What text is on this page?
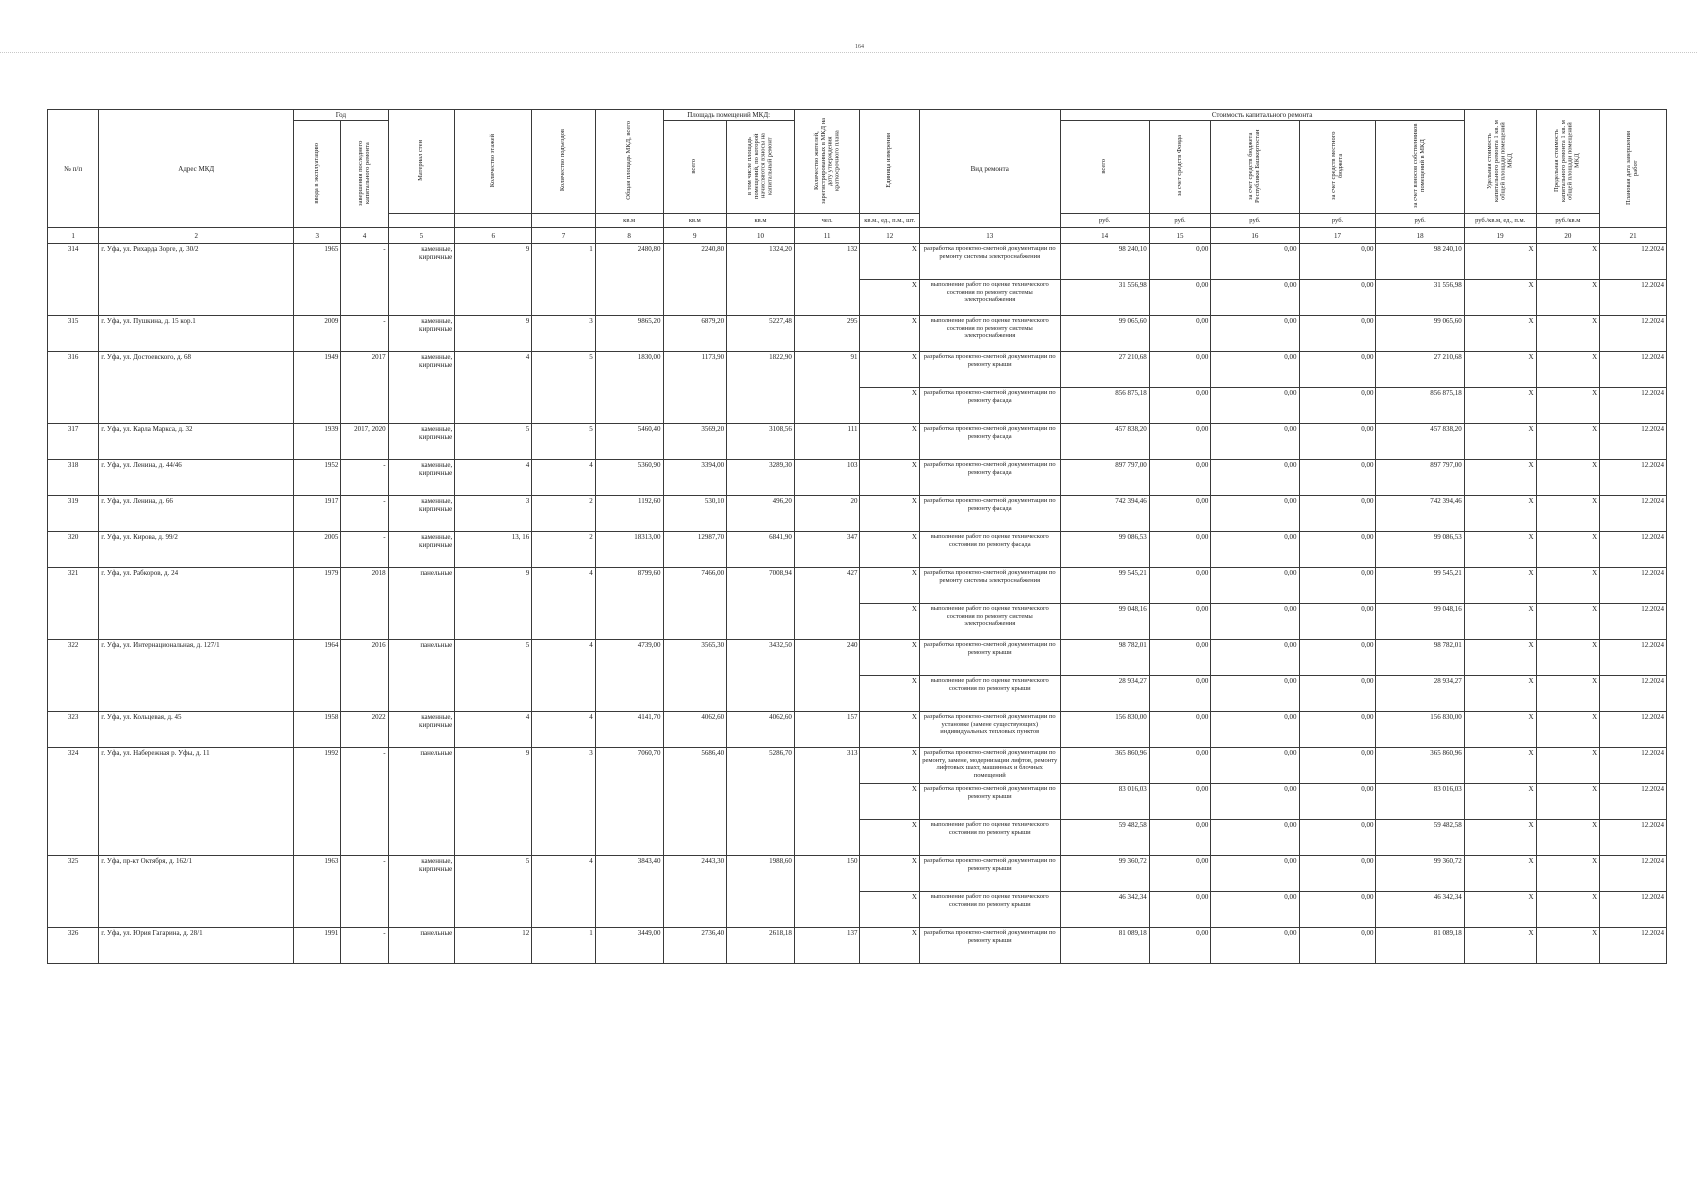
164
№ п/п	Адрес МКД	Год		Материал стен	Количество этажей	Количество подъездов	Общая площадь МКД, всего	Площадь помещений МКД:		Количество жителей, зарегистрированных в МКД на дату утверждения краткосрочного плана	Единица измерения	Вид ремонта	Стоимость капитального ремонта					Удельная стоимость капитального ремонта 1 кв. м общей площади помещений МКД	Предельная стоимость капитального ремонта 1 кв. м общей площади помещений МКД	Плановая дата завершения работ
		ввода в эксплуатацию	завершения последнего капитального ремонта					всего	в том числе площадь помещений, по которой начисляются взносы на капитальный ремонт				всего	за счет средств Фонда	за счет средств бюджета Республики Башкортостан	за счет средств местного бюджета	за счет взносов собственников помещений в МКД			
							кв.м	кв.м	кв.м	чел.	кв.м., ед., п.м., шт.		руб.	руб.	руб.	руб.	руб.	руб./кв.м, ед., п.м.	руб./кв.м	
1	2	3	4	5	6	7	8	9	10	11	12	13	14	15	16	17	18	19	20	21
314	г. Уфа, ул. Рихарда Зорге, д. 30/2	1965	-	каменные, кирпичные	9	1	2480,80	2240,80	1324,20	132	X	разработка проектно-сметной документации по ремонту системы электроснабжения	98 240,10	0,00	0,00	0,00	98 240,10	X	X	12.2024
											X	выполнение работ по оценке технического состояния по ремонту системы электроснабжения	31 556,98	0,00	0,00	0,00	31 556,98	X	X	12.2024
315	г. Уфа, ул. Пушкина, д. 15 кор.1	2009	-	каменные, кирпичные	9	3	9865,20	6879,20	5227,48	295	X	выполнение работ по оценке технического состояния по ремонту системы электроснабжения	99 065,60	0,00	0,00	0,00	99 065,60	X	X	12.2024
316	г. Уфа, ул. Достоевского, д. 68	1949	2017	каменные, кирпичные	4	5	1830,00	1173,90	1822,90	91	X	разработка проектно-сметной документации по ремонту крыши	27 210,68	0,00	0,00	0,00	27 210,68	X	X	12.2024
											X	разработка проектно-сметной документации по ремонту фасада	856 875,18	0,00	0,00	0,00	856 875,18	X	X	12.2024
317	г. Уфа, ул. Карла Маркса, д. 32	1939	2017, 2020	каменные, кирпичные	5	5	5460,40	3569,20	3108,56	111	X	разработка проектно-сметной документации по ремонту фасада	457 838,20	0,00	0,00	0,00	457 838,20	X	X	12.2024
318	г. Уфа, ул. Ленина, д. 44/46	1952	-	каменные, кирпичные	4	4	5360,90	3394,00	3289,30	103	X	разработка проектно-сметной документации по ремонту фасада	897 797,00	0,00	0,00	0,00	897 797,00	X	X	12.2024
319	г. Уфа, ул. Ленина, д. 66	1917	-	каменные, кирпичные	3	2	1192,60	530,10	496,20	20	X	разработка проектно-сметной документации по ремонту фасада	742 394,46	0,00	0,00	0,00	742 394,46	X	X	12.2024
320	г. Уфа, ул. Кирова, д. 99/2	2005	-	каменные, кирпичные	13, 16	2	18313,00	12987,70	6841,90	347	X	выполнение работ по оценке технического состояния по ремонту фасада	99 086,53	0,00	0,00	0,00	99 086,53	X	X	12.2024
321	г. Уфа, ул. Рабкоров, д. 24	1979	2018	панельные	9	4	8799,60	7466,00	7008,94	427	X	разработка проектно-сметной документации по ремонту системы электроснабжения	99 545,21	0,00	0,00	0,00	99 545,21	X	X	12.2024
											X	выполнение работ по оценке технического состояния по ремонту системы электроснабжения	99 048,16	0,00	0,00	0,00	99 048,16	X	X	12.2024
322	г. Уфа, ул. Интернациональная, д. 127/1	1964	2016	панельные	5	4	4739,00	3565,30	3432,50	240	X	разработка проектно-сметной документации по ремонту крыши	98 782,01	0,00	0,00	0,00	98 782,01	X	X	12.2024
											X	выполнение работ по оценке технического состояния по ремонту крыши	28 934,27	0,00	0,00	0,00	28 934,27	X	X	12.2024
323	г. Уфа, ул. Кольцевая, д. 45	1958	2022	каменные, кирпичные	4	4	4141,70	4062,60	4062,60	157	X	разработка проектно-сметной документации по установке (замене существующих) индивидуальных тепловых пунктов	156 830,00	0,00	0,00	0,00	156 830,00	X	X	12.2024
324	г. Уфа, ул. Набережная р. Уфы, д. 11	1992	-	панельные	9	3	7060,70	5686,40	5286,70	313	X	разработка проектно-сметной документации по ремонту, замене, модернизации лифтов, ремонту лифтовых шахт, машинных и блочных помещений	365 860,96	0,00	0,00	0,00	365 860,96	X	X	12.2024
											X	разработка проектно-сметной документации по ремонту крыши	83 016,03	0,00	0,00	0,00	83 016,03	X	X	12.2024
											X	выполнение работ по оценке технического состояния по ремонту крыши	59 482,58	0,00	0,00	0,00	59 482,58	X	X	12.2024
325	г. Уфа, пр-кт Октября, д. 162/1	1963	-	каменные, кирпичные	5	4	3843,40	2443,30	1988,60	150	X	разработка проектно-сметной документации по ремонту крыши	99 360,72	0,00	0,00	0,00	99 360,72	X	X	12.2024
											X	выполнение работ по оценке технического состояния по ремонту крыши	46 342,34	0,00	0,00	0,00	46 342,34	X	X	12.2024
326	г. Уфа, ул. Юрия Гагарина, д. 28/1	1991	-	панельные	12	1	3449,00	2736,40	2618,18	137	X	разработка проектно-сметной документации по ремонту крыши	81 089,18	0,00	0,00	0,00	81 089,18	X	X	12.2024
